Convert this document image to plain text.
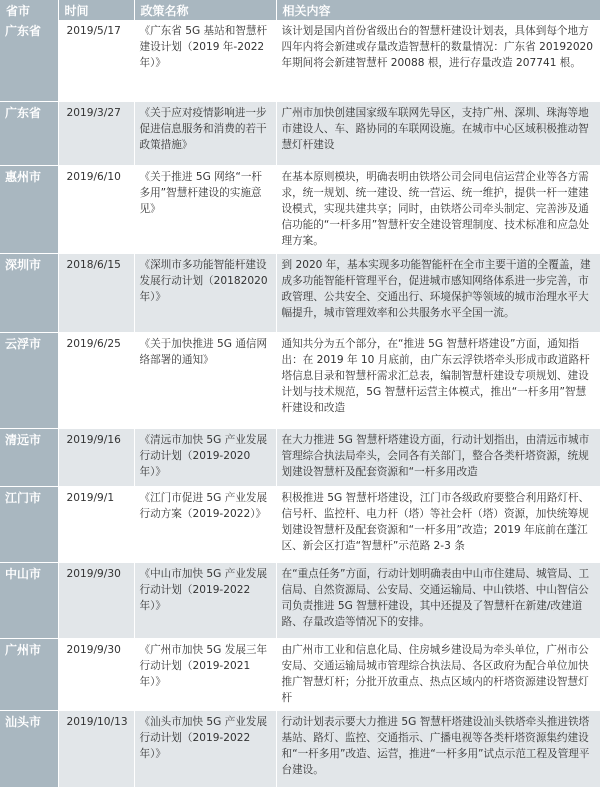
省市	时间	政策名称	相关内容
广东省	2019/5/17	《广东省 5G 基站和智慧杆建设计划（2019 年-2022 年）》	该计划是国内首份省级出台的智慧杆建设计划表，具体到每个地方四年内将会新建或存量改造智慧杆的数量情况：广东省 20192020 年期间将会新建智慧杆 20088 根，进行存量改造 207741 根。
广东省	2019/3/27	《关于应对疫情影响进一步促进信息服务和消费的若干政策措施》	广州市加快创建国家级车联网先导区，支持广州、深圳、珠海等地市建设人、车、路协同的车联网设施。在城市中心区域积极推动智慧灯杆建设
惠州市	2019/6/10	《关于推进 5G 网络“一杆多用”智慧杆建设的实施意见》	在基本原则模块，明确表明由铁塔公司会同电信运营企业等各方需求，统一规划、统一建设、统一营运、统一维护，提供一杆一建建设模式，实现共建共享；同时，由铁塔公司牵头制定、完善涉及通信功能的“一杆多用”智慧杆安全建设管理制度、技术标准和应急处理方案。
深圳市	2018/6/15	《深圳市多功能智能杆建设发展行动计划（20182020年）》	到 2020 年，基本实现多功能智能杆在全市主要干道的全覆盖，建成多功能智能杆管理平台，促进城市感知网络体系进一步完善，市政管理、公共安全、交通出行、环境保护等领域的城市治理水平大幅提升，城市管理效率和公共服务水平全国一流。
云浮市	2019/6/25	《关于加快推进 5G 通信网络部署的通知》	通知共分为五个部分，在“推进 5G 智慧杆塔建设”方面，通知指出：在 2019 年 10 月底前，由广东云浮铁塔牵头形成市政道路杆塔信息目录和智慧杆需求汇总表，编制智慧杆建设专项规划、建设计划与技术规范，5G 智慧杆运营主体模式，推出“一杆多用”智慧杆建设和改造
清远市	2019/9/16	《清远市加快 5G 产业发展行动计划（2019-2020年）》	在大力推进 5G 智慧杆塔建设方面，行动计划指出，由清远市城市管理综合执法局牵头，会同各有关部门，整合各类杆塔资源，统规划建设智慧杆及配套资源和“一杆多用改造
江门市	2019/9/1	《江门市促进 5G 产业发展行动方案（2019-2022）》	积极推进 5G 智慧杆塔建设，江门市各级政府要整合利用路灯杆、信号杆、监控杆、电力杆（塔）等社会杆（塔）资源，加快统筹规划建设智慧杆及配套资源和“一杆多用”改造；2019 年底前在蓬江区、新会区打造“智慧杆”示范路 2-3 条
中山市	2019/9/30	《中山市加快 5G 产业发展行动计划（2019-2022 年）》	在“重点任务”方面，行动计划明确表由中山市住建局、城管局、工信局、自然资源局、公安局、交通运输局、中山铁塔、中山智信公司负责推进 5G 智慧杆建设，其中还提及了智慧杆在新建/改建道路、存量改造等情况下的安排。
广州市	2019/9/30	《广州市加快 5G 发展三年行动计划（2019-2021 年）》	由广州市工业和信息化局、住房城乡建设局为牵头单位，广州市公安局、交通运输局城市管理综合执法局、各区政府为配合单位加快推广智慧灯杆；分批开放重点、热点区域内的杆塔资源建设智慧灯杆
汕头市	2019/10/13	《汕头市加快 5G 产业发展行动计划（2019-2022 年）》	行动计划表示要大力推进 5G 智慧杆塔建设汕头铁塔牵头推进铁塔基站、路灯、监控、交通指示、广播电视等各类杆塔资源集约建设和“一杆多用”改造、运营，推进“一杆多用”试点示范工程及管理平台建设。
